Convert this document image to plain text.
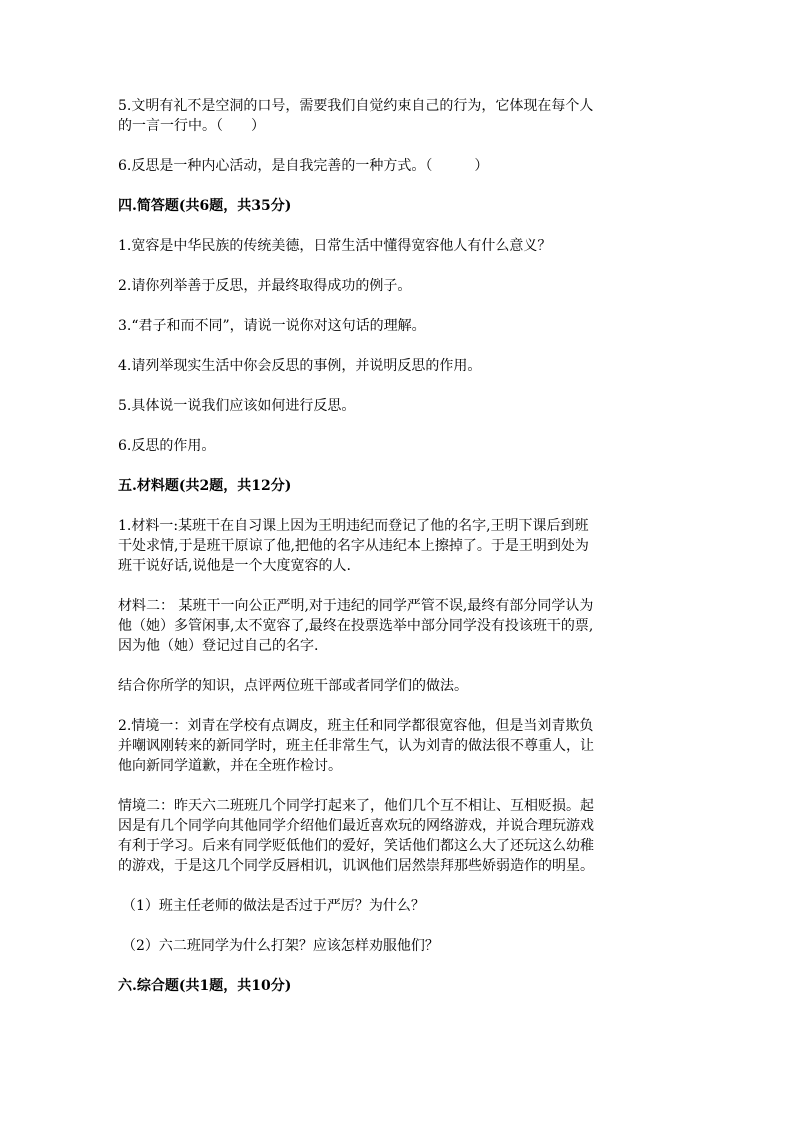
5.文明有礼不是空洞的口号，需要我们自觉约束自己的行为，它体现在每个人
的一言一行中。（　　）
6.反思是一种内心活动，是自我完善的一种方式。（　　　）
四.简答题(共6题，共35分)
1.宽容是中华民族的传统美德，日常生活中懂得宽容他人有什么意义？
2.请你列举善于反思，并最终取得成功的例子。
3.“君子和而不同”，请说一说你对这句话的理解。
4.请列举现实生活中你会反思的事例，并说明反思的作用。
5.具体说一说我们应该如何进行反思。
6.反思的作用。
五.材料题(共2题，共12分)
1.材料一:某班干在自习课上因为王明违纪而登记了他的名字,王明下课后到班
干处求情,于是班干原谅了他,把他的名字从违纪本上擦掉了。于是王明到处为
班干说好话,说他是一个大度宽容的人.
材料二： 某班干一向公正严明,对于违纪的同学严管不误,最终有部分同学认为
他（她）多管闲事,太不宽容了,最终在投票选举中部分同学没有投该班干的票,
因为他（她）登记过自己的名字.
结合你所学的知识，点评两位班干部或者同学们的做法。
2.情境一：刘青在学校有点调皮，班主任和同学都很宽容他，但是当刘青欺负
并嘲讽刚转来的新同学时，班主任非常生气，认为刘青的做法很不尊重人，让
他向新同学道歉，并在全班作检讨。
情境二：昨天六二班班几个同学打起来了，他们几个互不相让、互相贬损。起
因是有几个同学向其他同学介绍他们最近喜欢玩的网络游戏，并说合理玩游戏
有利于学习。后来有同学贬低他们的爱好，笑话他们都这么大了还玩这么幼稚
的游戏，于是这几个同学反唇相讥，讥讽他们居然崇拜那些娇弱造作的明星。
（1）班主任老师的做法是否过于严厉？为什么？
（2）六二班同学为什么打架？应该怎样劝服他们？
六.综合题(共1题，共10分)
